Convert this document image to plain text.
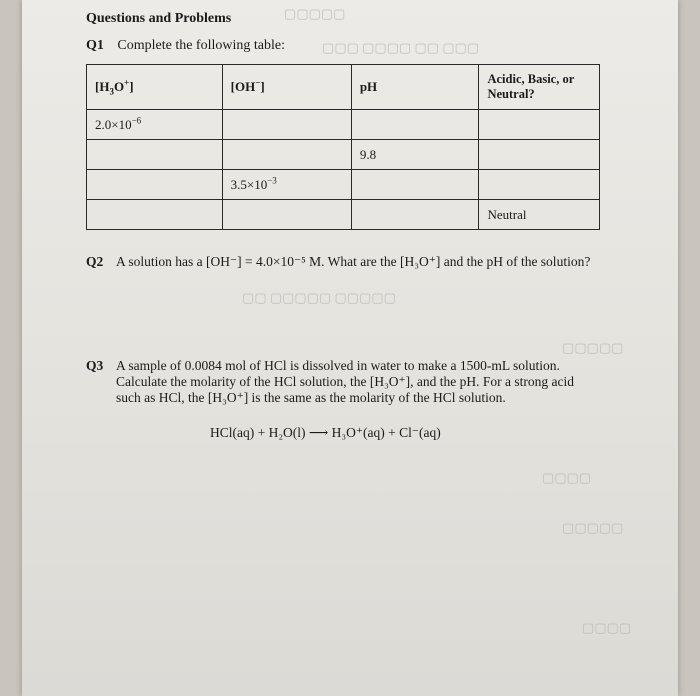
▢▢▢▢▢
▢▢▢ ▢▢ ▢▢▢▢ ▢▢▢
▢▢▢▢▢ ▢▢▢▢▢ ▢▢
▢▢▢▢▢
▢▢▢▢
▢▢▢▢▢
▢▢▢▢
Questions and Problems
Q1 Complete the following table:
$[H_3O^+]$	[OH−]	pH	Acidic, Basic, or Neutral?
$2.0\times 10^{-6}$			
		9.8	
	$3.5\times 10^{-3}$		
			Neutral
Q2 A solution has a [OH⁻] = 4.0×10⁻⁵ M. What are the [H₃O⁺] and the pH of the solution?
Q3 A sample of 0.0084 mol of HCl is dissolved in water to make a 1500-mL solution. Calculate the molarity of the HCl solution, the [H₃O⁺], and the pH. For a strong acid such as HCl, the [H₃O⁺] is the same as the molarity of the HCl solution.
HCl(aq) + H₂O(l) ⟶ H₃O⁺(aq) + Cl⁻(aq)
